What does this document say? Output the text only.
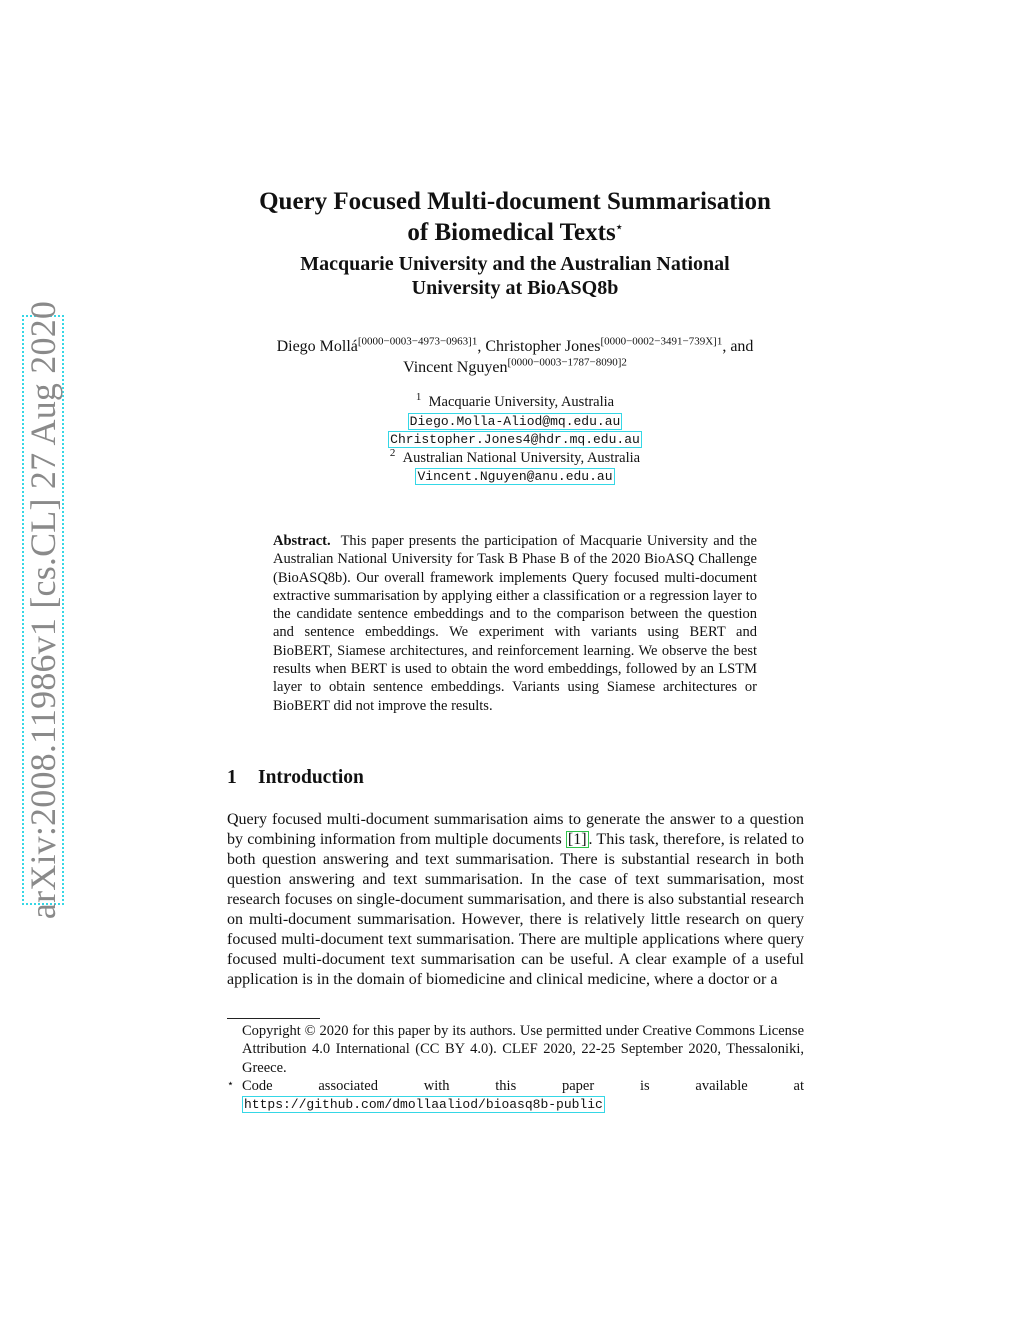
arXiv:2008.11986v1 [cs.CL] 27 Aug 2020
Query Focused Multi-document Summarisation
of Biomedical Texts⋆
Macquarie University and the Australian National
University at BioASQ8b
Diego Mollá$^{[0000-0003-4973-0963]1}$, Christopher Jones$^{[0000-0002-3491-739X]1}$, and
Vincent Nguyen$^{[0000-0003-1787-8090]2}$
$^1$ Macquarie University, Australia
Diego.Molla-Aliod@mq.edu.au
Christopher.Jones4@hdr.mq.edu.au
$^2$ Australian National University, Australia
Vincent.Nguyen@anu.edu.au
Abstract. This paper presents the participation of Macquarie University and the Australian National University for Task B Phase B of the 2020 BioASQ Challenge (BioASQ8b). Our overall framework implements Query focused multi-document extractive summarisation by applying either a classification or a regression layer to the candidate sentence embeddings and to the comparison between the question and sentence embeddings. We experiment with variants using BERT and BioBERT, Siamese architectures, and reinforcement learning. We observe the best results when BERT is used to obtain the word embeddings, followed by an LSTM layer to obtain sentence embeddings. Variants using Siamese architectures or BioBERT did not improve the results.
1 Introduction
Query focused multi-document summarisation aims to generate the answer to a question by combining information from multiple documents [1] . This task, therefore, is related to both question answering and text summarisation. There is substantial research in both question answering and text summarisation. In the case of text summarisation, most research focuses on single-document summarisation, and there is also substantial research on multi-document summarisation. However, there is relatively little research on query focused multi-document text summarisation. There are multiple applications where query focused multi-document text summarisation can be useful. A clear example of a useful application is in the domain of biomedicine and clinical medicine, where a doctor or a
Copyright © 2020 for this paper by its authors. Use permitted under Creative Commons License Attribution 4.0 International (CC BY 4.0). CLEF 2020, 22-25 September 2020, Thessaloniki, Greece.
⋆ Code	associated	with	this	paper	is	available	at
https://github.com/dmollaaliod/bioasq8b-public
